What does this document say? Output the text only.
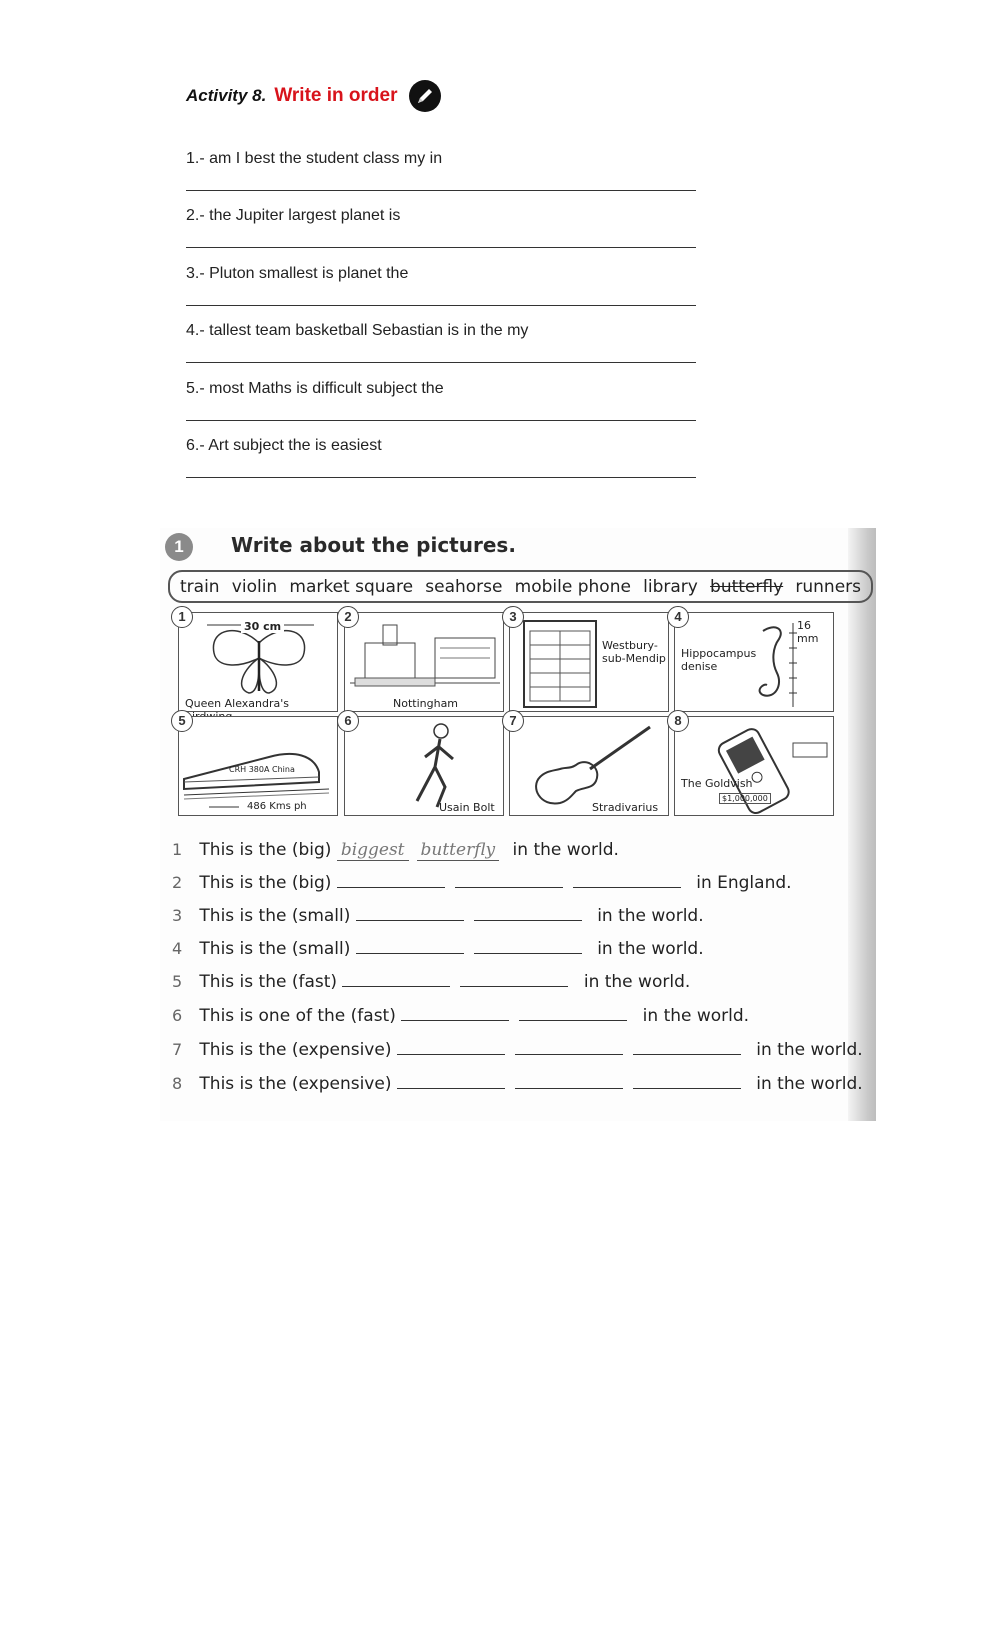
Activity 8. Write in order
1.- am I best the student class my in
2.- the Jupiter largest planet is
3.- Pluton smallest is planet the
4.- tallest team basketball Sebastian is in the my
5.- most Maths is difficult subject the
6.- Art subject the is easiest
1	Write about the pictures.
train violin market square seahorse mobile phone library butterfly runners
30 cm
Queen Alexandra's
1
Nottingham
2
Westbury-sub-Mendip
3
Hippocampus denise
16 mm
4
CRH 380A China
486 Kms ph
5
Usain Bolt
6
Stradivarius
7
The Goldvish
$1,000,000
8
1 This is the (big) biggest butterfly in the world.
2 This is the (big)	in England.
3 This is the (small)	in the world.
4 This is the (small)	in the world.
5 This is the (fast)	in the world.
6 This is one of the (fast)	in the world.
7 This is the (expensive)	in the world.
8 This is the (expensive)	in the world.
